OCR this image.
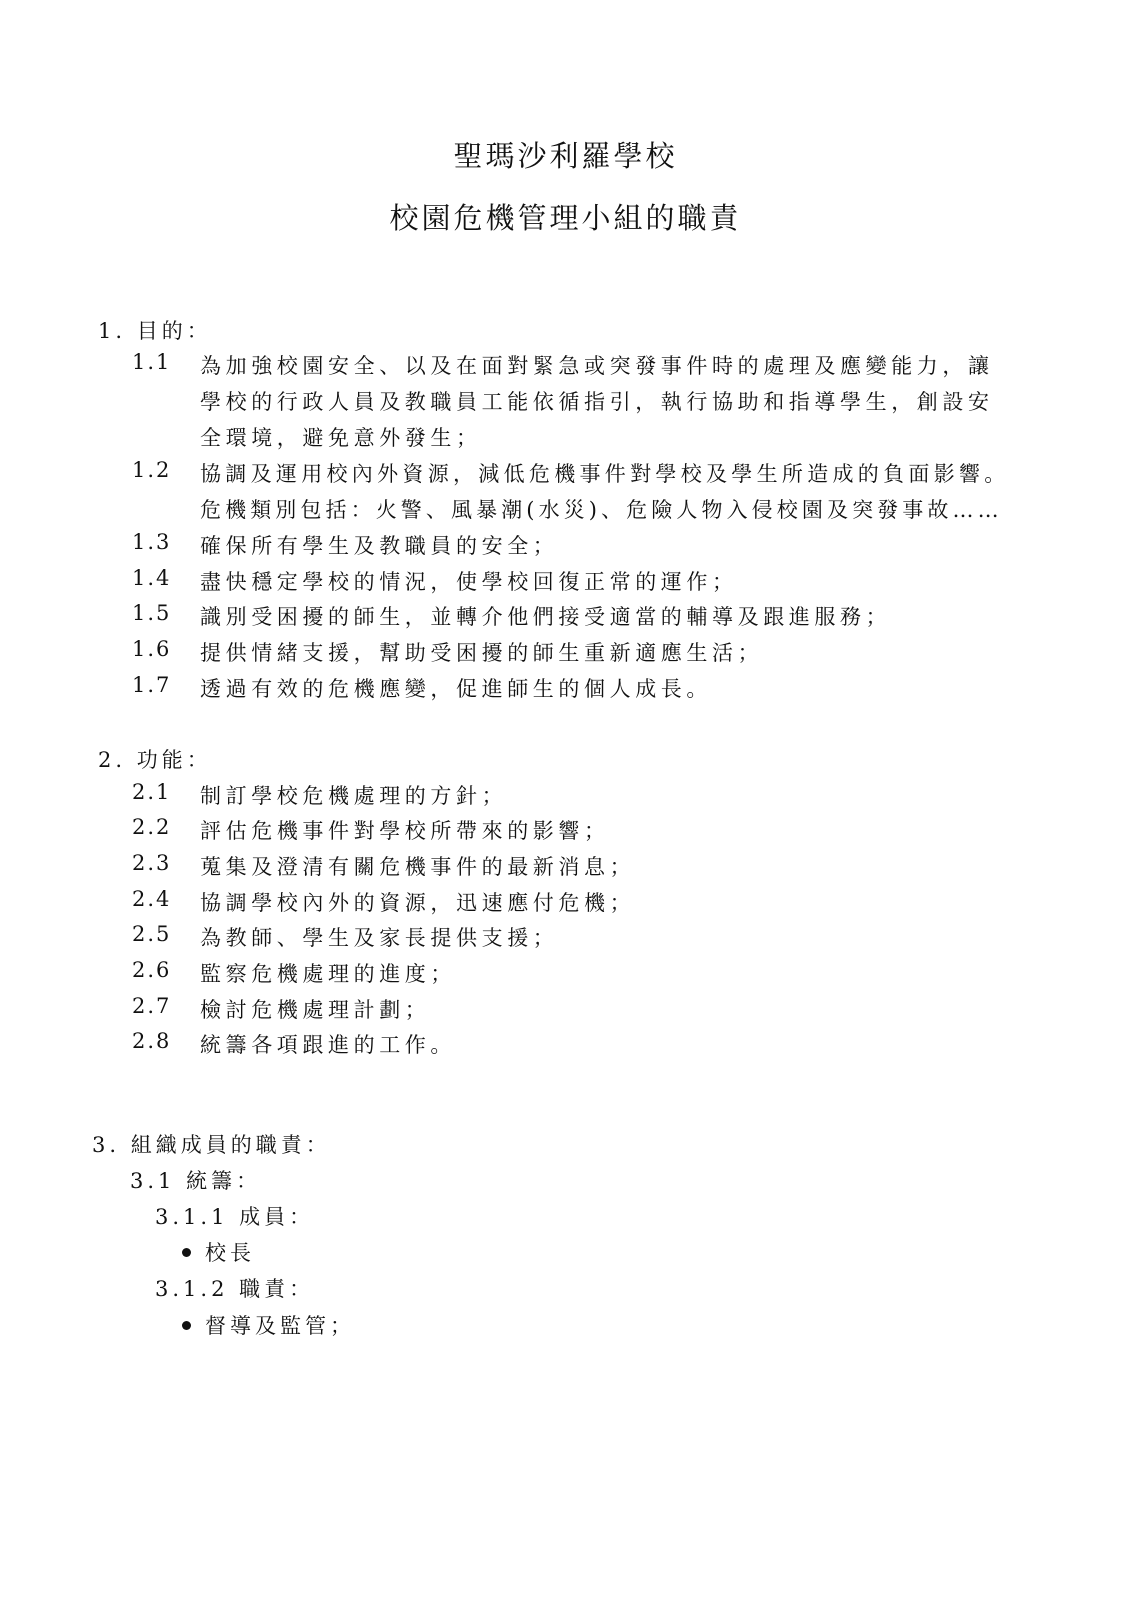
聖瑪沙利羅學校
校園危機管理小組的職責
1. 目的：
1.1 為加強校園安全、以及在面對緊急或突發事件時的處理及應變能力，讓
學校的行政人員及教職員工能依循指引，執行協助和指導學生，創設安
全環境，避免意外發生；
1.2 協調及運用校內外資源，減低危機事件對學校及學生所造成的負面影響。
危機類別包括：火警、風暴潮(水災)、危險人物入侵校園及突發事故……
1.3 確保所有學生及教職員的安全；
1.4 盡快穩定學校的情況，使學校回復正常的運作；
1.5 識別受困擾的師生，並轉介他們接受適當的輔導及跟進服務；
1.6 提供情緒支援，幫助受困擾的師生重新適應生活；
1.7 透過有效的危機應變，促進師生的個人成長。
2. 功能：
2.1 制訂學校危機處理的方針；
2.2 評估危機事件對學校所帶來的影響；
2.3 蒐集及澄清有關危機事件的最新消息；
2.4 協調學校內外的資源，迅速應付危機；
2.5 為教師、學生及家長提供支援；
2.6 監察危機處理的進度；
2.7 檢討危機處理計劃；
2.8 統籌各項跟進的工作。
3. 組織成員的職責：
3.1 統籌：
3.1.1 成員：
校長
3.1.2 職責：
督導及監管；
